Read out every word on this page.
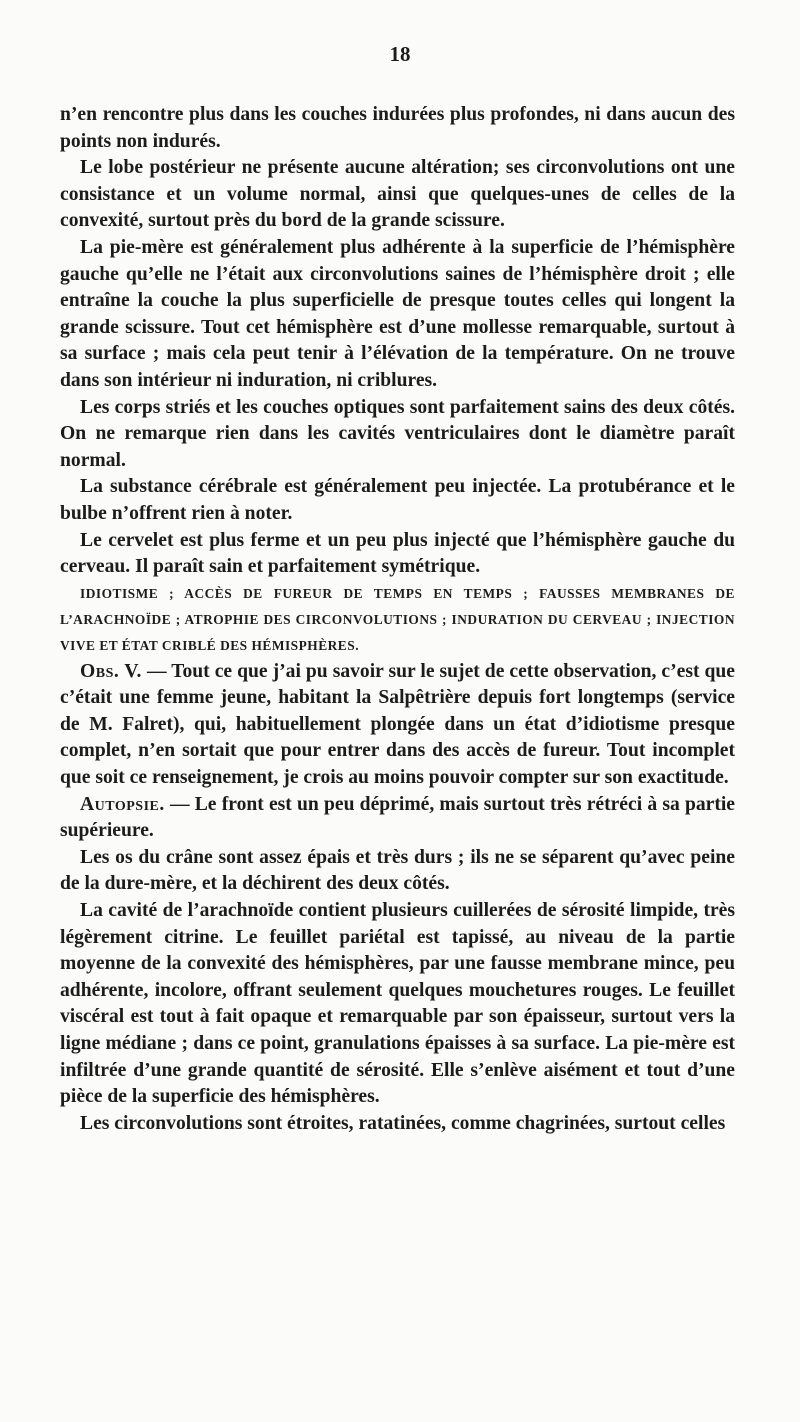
18

n’en rencontre plus dans les couches indurées plus profondes, ni dans aucun des points non indurés.

Le lobe postérieur ne présente aucune altération; ses circonvolutions ont une consistance et un volume normal, ainsi que quelques-unes de celles de la convexité, surtout près du bord de la grande scissure.

La pie-mère est généralement plus adhérente à la superficie de l’hémisphère gauche qu’elle ne l’était aux circonvolutions saines de l’hémisphère droit ; elle entraîne la couche la plus superficielle de presque toutes celles qui longent la grande scissure. Tout cet hémisphère est d’une mollesse remarquable, surtout à sa surface ; mais cela peut tenir à l’élévation de la température. On ne trouve dans son intérieur ni induration, ni criblures.

Les corps striés et les couches optiques sont parfaitement sains des deux côtés. On ne remarque rien dans les cavités ventriculaires dont le diamètre paraît normal.

La substance cérébrale est généralement peu injectée. La protubérance et le bulbe n’offrent rien à noter.

Le cervelet est plus ferme et un peu plus injecté que l’hémisphère gauche du cerveau. Il paraît sain et parfaitement symétrique.

IDIOTISME ; ACCÈS DE FUREUR DE TEMPS EN TEMPS ; FAUSSES MEMBRANES DE L’ARACHNOÏDE ; ATROPHIE DES CIRCONVOLUTIONS ; INDURATION DU CERVEAU ; INJECTION VIVE ET ÉTAT CRIBLÉ DES HÉMISPHÈRES.

Obs. V. — Tout ce que j’ai pu savoir sur le sujet de cette observation, c’est que c’était une femme jeune, habitant la Salpêtrière depuis fort longtemps (service de M. Falret), qui, habituellement plongée dans un état d’idiotisme presque complet, n’en sortait que pour entrer dans des accès de fureur. Tout incomplet que soit ce renseignement, je crois au moins pouvoir compter sur son exactitude.

Autopsie. — Le front est un peu déprimé, mais surtout très rétréci à sa partie supérieure.

Les os du crâne sont assez épais et très durs ; ils ne se séparent qu’avec peine de la dure-mère, et la déchirent des deux côtés.

La cavité de l’arachnoïde contient plusieurs cuillerées de sérosité limpide, très légèrement citrine. Le feuillet pariétal est tapissé, au niveau de la partie moyenne de la convexité des hémisphères, par une fausse membrane mince, peu adhérente, incolore, offrant seulement quelques mouchetures rouges. Le feuillet viscéral est tout à fait opaque et remarquable par son épaisseur, surtout vers la ligne médiane ; dans ce point, granulations épaisses à sa surface. La pie-mère est infiltrée d’une grande quantité de sérosité. Elle s’enlève aisément et tout d’une pièce de la superficie des hémisphères.

Les circonvolutions sont étroites, ratatinées, comme chagrinées, surtout celles
